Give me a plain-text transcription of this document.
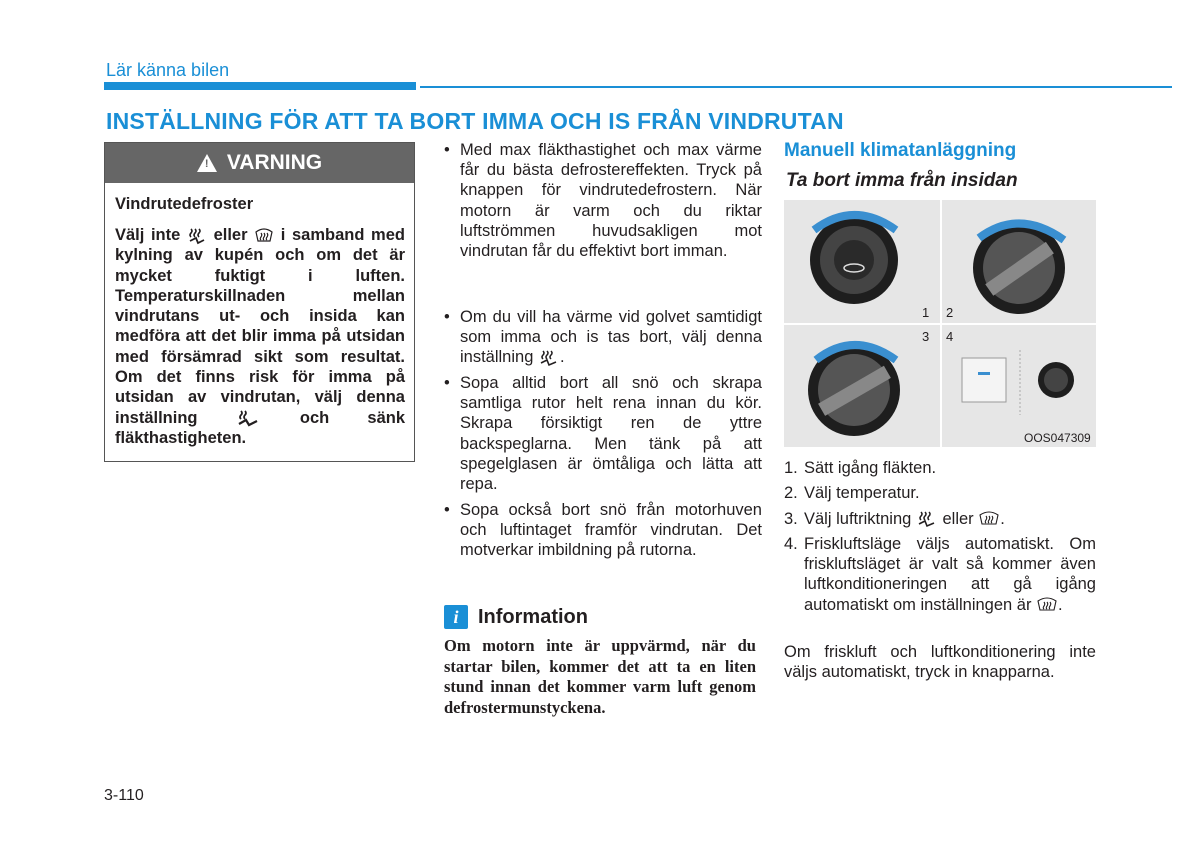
Lär känna bilen
INSTÄLLNING FÖR ATT TA BORT IMMA OCH IS FRÅN VINDRUTAN
! VARNING
Vindrutedefroster
Välj inte eller i samband med kylning av kupén och om det är mycket fuktigt i luften. Temperaturskillnaden mellan vindrutans ut- och insida kan medföra att det blir imma på utsidan med försämrad sikt som resultat. Om det finns risk för imma på utsidan av vindrutan, välj denna inställning	och sänk fläkthastigheten.
• Med max fläkthastighet och max värme får du bästa defrostereffekten. Tryck på knappen för vindrutedefrostern. När motorn är varm och du riktar luftströmmen huvudsakligen mot vindrutan får du effektivt bort imman.
• Om du vill ha värme vid golvet samtidigt som imma och is tas bort, välj denna inställning .
• Sopa alltid bort all snö och skrapa samtliga rutor helt rena innan du kör. Skrapa försiktigt ren de yttre backspeglarna. Men tänk på att spegelglasen är ömtåliga och lätta att repa.
• Sopa också bort snö från motorhuven och luftintaget framför vindrutan. Det motverkar imbildning på rutorna.
i Information
Om motorn inte är uppvärmd, när du startar bilen, kommer det att ta en liten stund innan det kommer varm luft genom defrostermunstyckena.
Manuell klimatanläggning
Ta bort imma från insidan
1 2
3 4
OOS047309
1. Sätt igång fläkten.
2. Välj temperatur.
3. Välj luftriktning eller .
4. Friskluftsläge väljs automatiskt. Om friskluftsläget är valt så kommer även luftkonditioneringen att gå igång automatiskt om inställningen är .
Om friskluft och luftkonditionering inte väljs automatiskt, tryck in knapparna.
3-110
